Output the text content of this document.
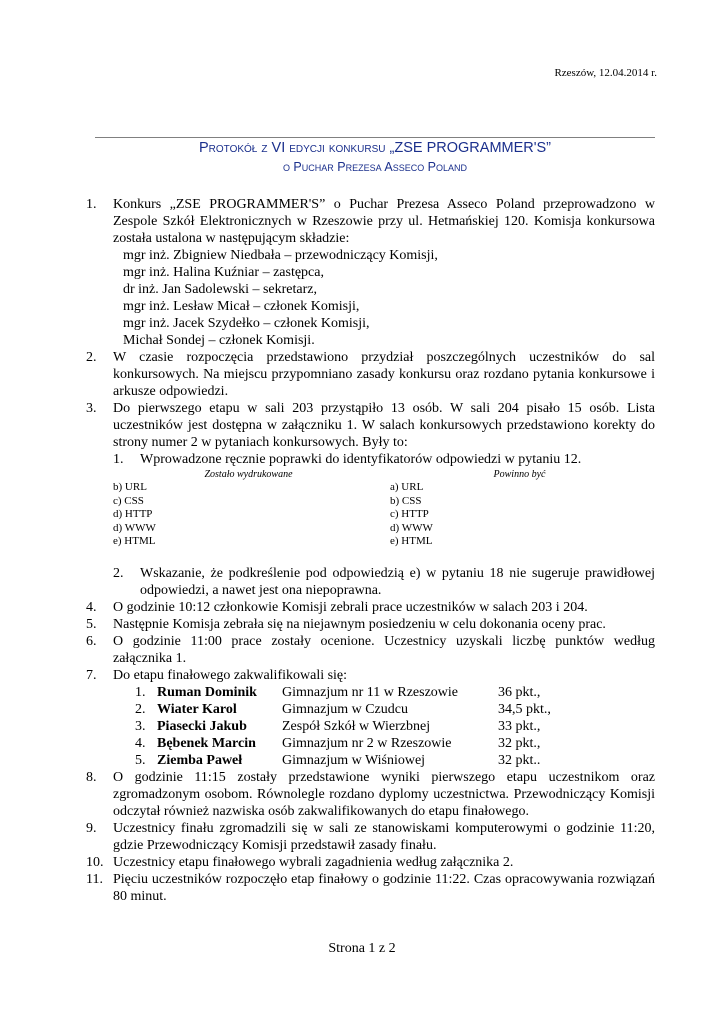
Rzeszów, 12.04.2014 r.
Protokół z VI edycji konkursu „ZSE PROGRAMMER'S”
o Puchar Prezesa Asseco Poland
1.	Konkurs „ZSE PROGRAMMER'S” o Puchar Prezesa Asseco Poland przeprowadzono w Zespole Szkół Elektronicznych w Rzeszowie przy ul. Hetmańskiej 120. Komisja konkursowa została ustalona w następującym składzie:
mgr inż. Zbigniew Niedbała – przewodniczący Komisji,
mgr inż. Halina Kuźniar – zastępca,
dr inż. Jan Sadolewski – sekretarz,
mgr inż. Lesław Micał – członek Komisji,
mgr inż. Jacek Szydełko – członek Komisji,
Michał Sondej – członek Komisji.
2.	W czasie rozpoczęcia przedstawiono przydział poszczególnych uczestników do sal konkursowych. Na miejscu przypomniano zasady konkursu oraz rozdano pytania konkursowe i arkusze odpowiedzi.
3.	Do pierwszego etapu w sali 203 przystąpiło 13 osób. W sali 204 pisało 15 osób. Lista uczestników jest dostępna w załączniku 1. W salach konkursowych przedstawiono korekty do strony numer 2 w pytaniach konkursowych. Były to:
1.	Wprowadzone ręcznie poprawki do identyfikatorów odpowiedzi w pytaniu 12.
Zostało wydrukowane	Powinno być
b) URL	a) URL
c) CSS	b) CSS
d) HTTP	c) HTTP
d) WWW	d) WWW
e) HTML	e) HTML
2.	Wskazanie, że podkreślenie pod odpowiedzią e) w pytaniu 18 nie sugeruje prawidłowej odpowiedzi, a nawet jest ona niepoprawna.
4.	O godzinie 10:12 członkowie Komisji zebrali prace uczestników w salach 203 i 204.
5.	Następnie Komisja zebrała się na niejawnym posiedzeniu w celu dokonania oceny prac.
6.	O godzinie 11:00 prace zostały ocenione. Uczestnicy uzyskali liczbę punktów według załącznika 1.
7.	Do etapu finałowego zakwalifikowali się:
1.	Ruman Dominik	Gimnazjum nr 11 w Rzeszowie	36 pkt.,
2.	Wiater Karol	Gimnazjum w Czudcu	34,5 pkt.,
3.	Piasecki Jakub	Zespół Szkół w Wierzbnej	33 pkt.,
4.	Bębenek Marcin	Gimnazjum nr 2 w Rzeszowie	32 pkt.,
5.	Ziemba Paweł	Gimnazjum w Wiśniowej	32 pkt..
8.	O godzinie 11:15 zostały przedstawione wyniki pierwszego etapu uczestnikom oraz zgromadzonym osobom. Równolegle rozdano dyplomy uczestnictwa. Przewodniczący Komisji odczytał również nazwiska osób zakwalifikowanych do etapu finałowego.
9.	Uczestnicy finału zgromadzili się w sali ze stanowiskami komputerowymi o godzinie 11:20, gdzie Przewodniczący Komisji przedstawił zasady finału.
10. Uczestnicy etapu finałowego wybrali zagadnienia według załącznika 2.
11. Pięciu uczestników rozpoczęło etap finałowy o godzinie 11:22. Czas opracowywania rozwiązań 80 minut.
Strona 1 z 2
